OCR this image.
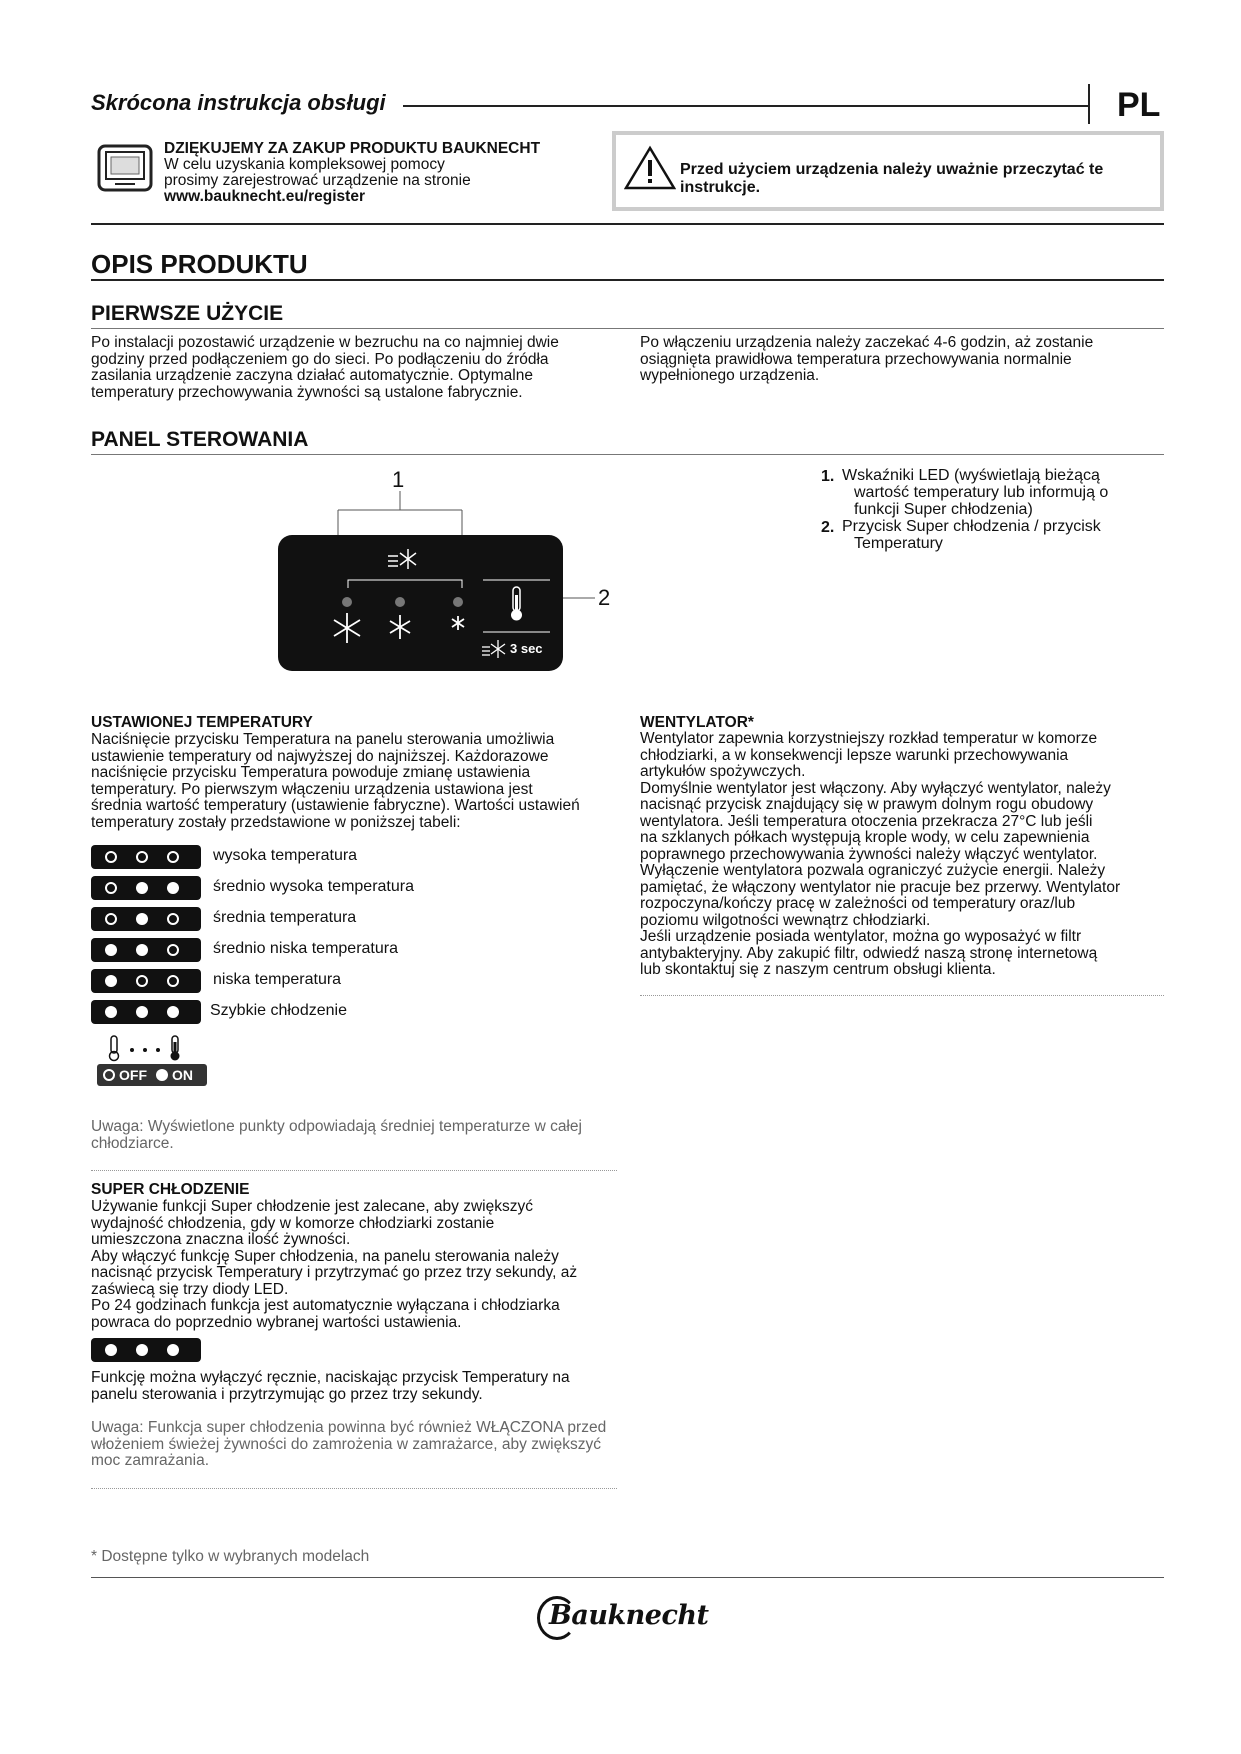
Skrócona instrukcja obsługi	PL
DZIĘKUJEMY ZA ZAKUP PRODUKTU BAUKNECHT
W celu uzyskania kompleksowej pomocy
prosimy zarejestrować urządzenie na stronie
www.bauknecht.eu/register
Przed użyciem urządzenia należy uważnie przeczytać te
instrukcje.
OPIS PRODUKTU
PIERWSZE UŻYCIE
Po instalacji pozostawić urządzenie w bezruchu na co najmniej dwie
godziny przed podłączeniem go do sieci. Po podłączeniu do źródła
zasilania urządzenie zaczyna działać automatycznie. Optymalne
temperatury przechowywania żywności są ustalone fabrycznie.
Po włączeniu urządzenia należy zaczekać 4-6 godzin, aż zostanie
osiągnięta prawidłowa temperatura przechowywania normalnie
wypełnionego urządzenia.
PANEL STEROWANIA
1
2
3 sec
1. Wskaźniki LED (wyświetlają bieżącą
wartość temperatury lub informują o
funkcji Super chłodzenia)
2. Przycisk Super chłodzenia / przycisk
Temperatury
USTAWIONEJ TEMPERATURY
Naciśnięcie przycisku Temperatura na panelu sterowania umożliwia
ustawienie temperatury od najwyższej do najniższej. Każdorazowe
naciśnięcie przycisku Temperatura powoduje zmianę ustawienia
temperatury. Po pierwszym włączeniu urządzenia ustawiona jest
średnia wartość temperatury (ustawienie fabryczne). Wartości ustawień
temperatury zostały przedstawione w poniższej tabeli:
wysoka temperatura
średnio wysoka temperatura
średnia temperatura
średnio niska temperatura
niska temperatura
Szybkie chłodzenie
OFF ON
Uwaga: Wyświetlone punkty odpowiadają średniej temperaturze w całej
chłodziarce.
SUPER CHŁODZENIE
Używanie funkcji Super chłodzenie jest zalecane, aby zwiększyć
wydajność chłodzenia, gdy w komorze chłodziarki zostanie
umieszczona znaczna ilość żywności.
Aby włączyć funkcję Super chłodzenia, na panelu sterowania należy
nacisnąć przycisk Temperatury i przytrzymać go przez trzy sekundy, aż
zaświecą się trzy diody LED.
Po 24 godzinach funkcja jest automatycznie wyłączana i chłodziarka
powraca do poprzednio wybranej wartości ustawienia.
Funkcję można wyłączyć ręcznie, naciskając przycisk Temperatury na
panelu sterowania i przytrzymując go przez trzy sekundy.
Uwaga: Funkcja super chłodzenia powinna być również WŁĄCZONA przed
włożeniem świeżej żywności do zamrożenia w zamrażarce, aby zwiększyć
moc zamrażania.
WENTYLATOR*
Wentylator zapewnia korzystniejszy rozkład temperatur w komorze
chłodziarki, a w konsekwencji lepsze warunki przechowywania
artykułów spożywczych.
Domyślnie wentylator jest włączony. Aby wyłączyć wentylator, należy
nacisnąć przycisk znajdujący się w prawym dolnym rogu obudowy
wentylatora. Jeśli temperatura otoczenia przekracza 27°C lub jeśli
na szklanych półkach występują krople wody, w celu zapewnienia
poprawnego przechowywania żywności należy włączyć wentylator.
Wyłączenie wentylatora pozwala ograniczyć zużycie energii. Należy
pamiętać, że włączony wentylator nie pracuje bez przerwy. Wentylator
rozpoczyna/kończy pracę w zależności od temperatury oraz/lub
poziomu wilgotności wewnątrz chłodziarki.
Jeśli urządzenie posiada wentylator, można go wyposażyć w filtr
antybakteryjny. Aby zakupić filtr, odwiedź naszą stronę internetową
lub skontaktuj się z naszym centrum obsługi klienta.
* Dostępne tylko w wybranych modelach
Bauknecht
